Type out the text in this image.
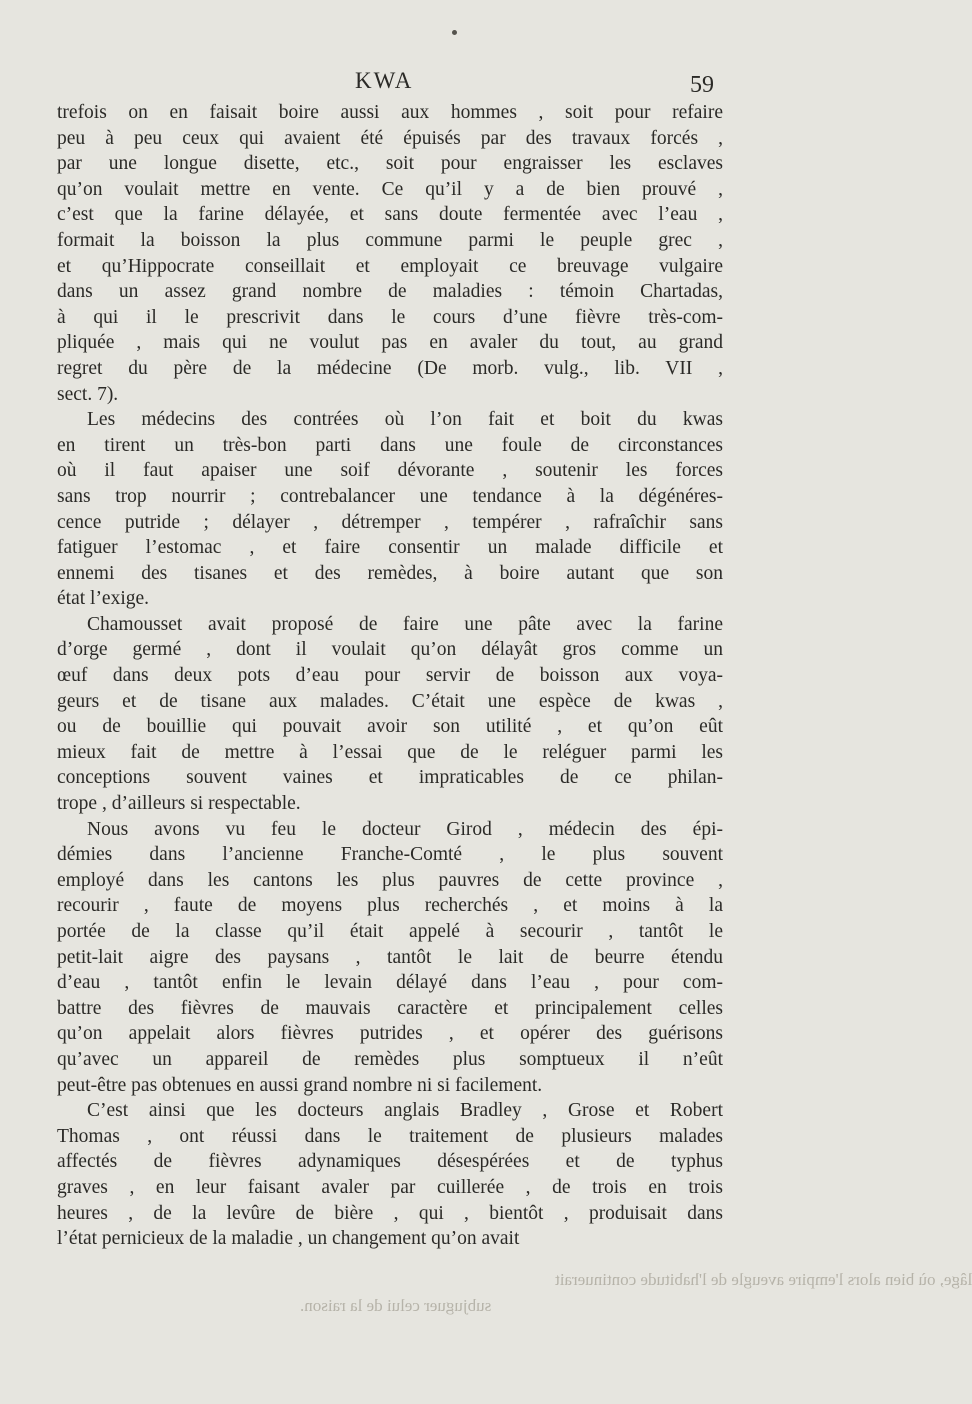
KWA	59
trefois on en faisait boire aussi aux hommes , soit pour refaire
peu à peu ceux qui avaient été épuisés par des travaux forcés ,
par une longue disette, etc., soit pour engraisser les esclaves
qu’on voulait mettre en vente. Ce qu’il y a de bien prouvé ,
c’est que la farine délayée, et sans doute fermentée avec l’eau ,
formait la boisson la plus commune parmi le peuple grec ,
et qu’Hippocrate conseillait et employait ce breuvage vulgaire
dans un assez grand nombre de maladies : témoin Chartadas,
à qui il le prescrivit dans le cours d’une fièvre très-com-
pliquée , mais qui ne voulut pas en avaler du tout, au grand
regret du père de la médecine (De morb. vulg., lib. VII ,
sect. 7).
Les médecins des contrées où l’on fait et boit du kwas
en tirent un très-bon parti dans une foule de circonstances
où il faut apaiser une soif dévorante , soutenir les forces
sans trop nourrir ; contrebalancer une tendance à la dégénéres-
cence putride ; délayer , détremper , tempérer , rafraîchir sans
fatiguer l’estomac , et faire consentir un malade difficile et
ennemi des tisanes et des remèdes, à boire autant que son
état l’exige.
Chamousset avait proposé de faire une pâte avec la farine
d’orge germé , dont il voulait qu’on délayât gros comme un
œuf dans deux pots d’eau pour servir de boisson aux voya-
geurs et de tisane aux malades. C’était une espèce de kwas ,
ou de bouillie qui pouvait avoir son utilité , et qu’on eût
mieux fait de mettre à l’essai que de le reléguer parmi les
conceptions souvent vaines et impraticables de ce philan-
trope , d’ailleurs si respectable.
Nous avons vu feu le docteur Girod , médecin des épi-
démies dans l’ancienne Franche-Comté , le plus souvent
employé dans les cantons les plus pauvres de cette province ,
recourir , faute de moyens plus recherchés , et moins à la
portée de la classe qu’il était appelé à secourir , tantôt le
petit-lait aigre des paysans , tantôt le lait de beurre étendu
d’eau , tantôt enfin le levain délayé dans l’eau , pour com-
battre des fièvres de mauvais caractère et principalement celles
qu’on appelait alors fièvres putrides , et opérer des guérisons
qu’avec un appareil de remèdes plus somptueux il n’eût
peut-être pas obtenues en aussi grand nombre ni si facilement.
C’est ainsi que les docteurs anglais Bradley , Grose et Robert
Thomas , ont réussi dans le traitement de plusieurs malades
affectés de fièvres adynamiques désespérées et de typhus
graves , en leur faisant avaler par cuillerée , de trois en trois
heures , de la levûre de bière , qui , bientôt , produisait dans
l’état pernicieux de la maladie , un changement qu’on avait
lâge, où bien alors l'empire aveugle de l'habitude continuerait
subjuguer celui de la raison.
